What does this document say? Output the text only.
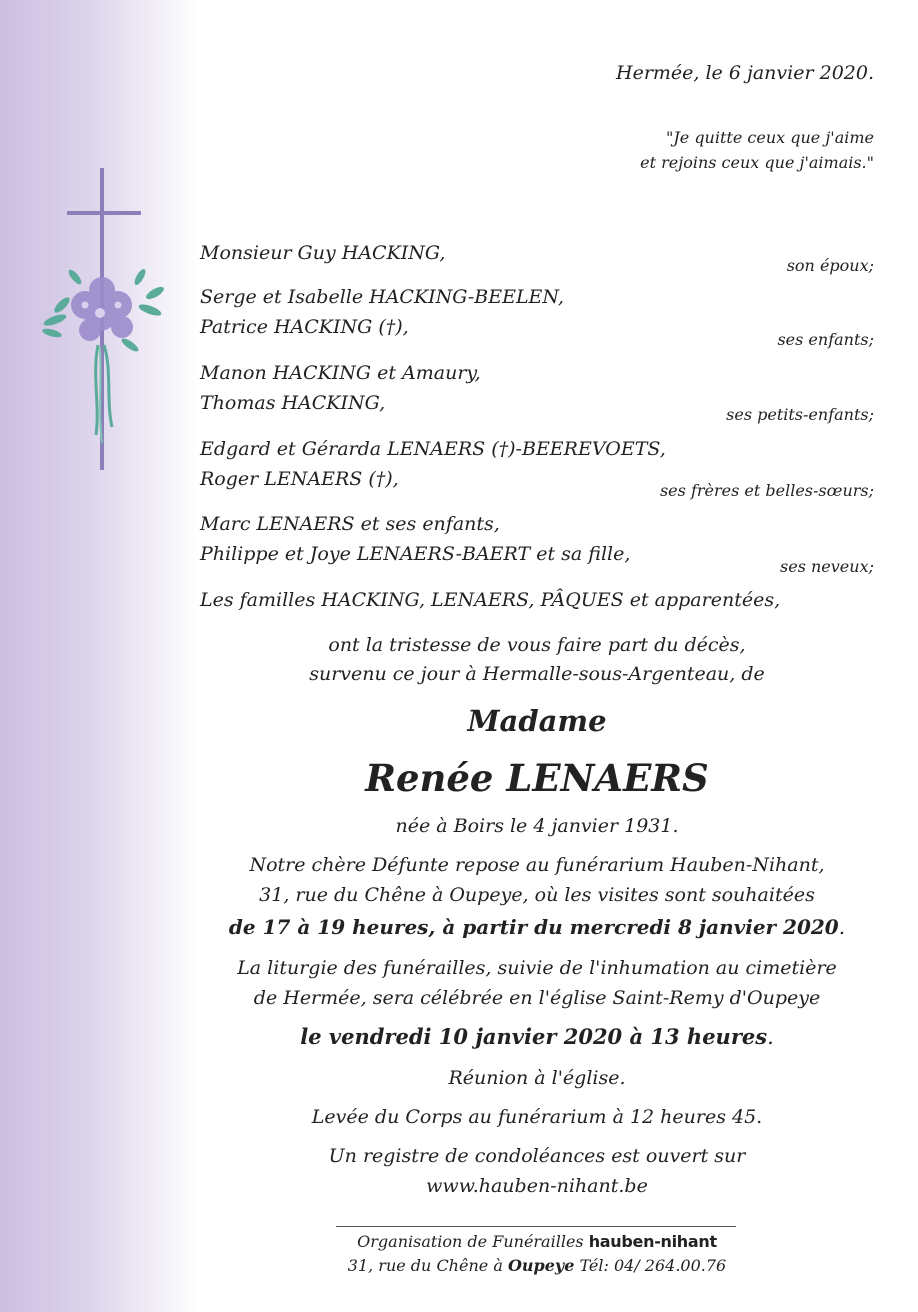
Hermée, le 6 janvier 2020.
"Je quitte ceux que j'aime
et rejoins ceux que j'aimais."
Monsieur Guy HACKING,
son époux;
Serge et Isabelle HACKING-BEELEN,
Patrice HACKING (†),
ses enfants;
Manon HACKING et Amaury,
Thomas HACKING,
ses petits-enfants;
Edgard et Gérarda LENAERS (†)-BEEREVOETS,
Roger LENAERS (†),
ses frères et belles-sœurs;
Marc LENAERS et ses enfants,
Philippe et Joye LENAERS-BAERT et sa fille,
ses neveux;
Les familles HACKING, LENAERS, PÂQUES et apparentées,
ont la tristesse de vous faire part du décès,
survenu ce jour à Hermalle-sous-Argenteau, de
Madame
Renée LENAERS
née à Boirs le 4 janvier 1931.
Notre chère Défunte repose au funérarium Hauben-Nihant,
31, rue du Chêne à Oupeye, où les visites sont souhaitées
de 17 à 19 heures, à partir du mercredi 8 janvier 2020.
La liturgie des funérailles, suivie de l'inhumation au cimetière
de Hermée, sera célébrée en l'église Saint-Remy d'Oupeye
le vendredi 10 janvier 2020 à 13 heures.
Réunion à l'église.
Levée du Corps au funérarium à 12 heures 45.
Un registre de condoléances est ouvert sur
www.hauben-nihant.be
Organisation de Funérailles hauben-nihant
31, rue du Chêne à Oupeye Tél: 04/ 264.00.76
